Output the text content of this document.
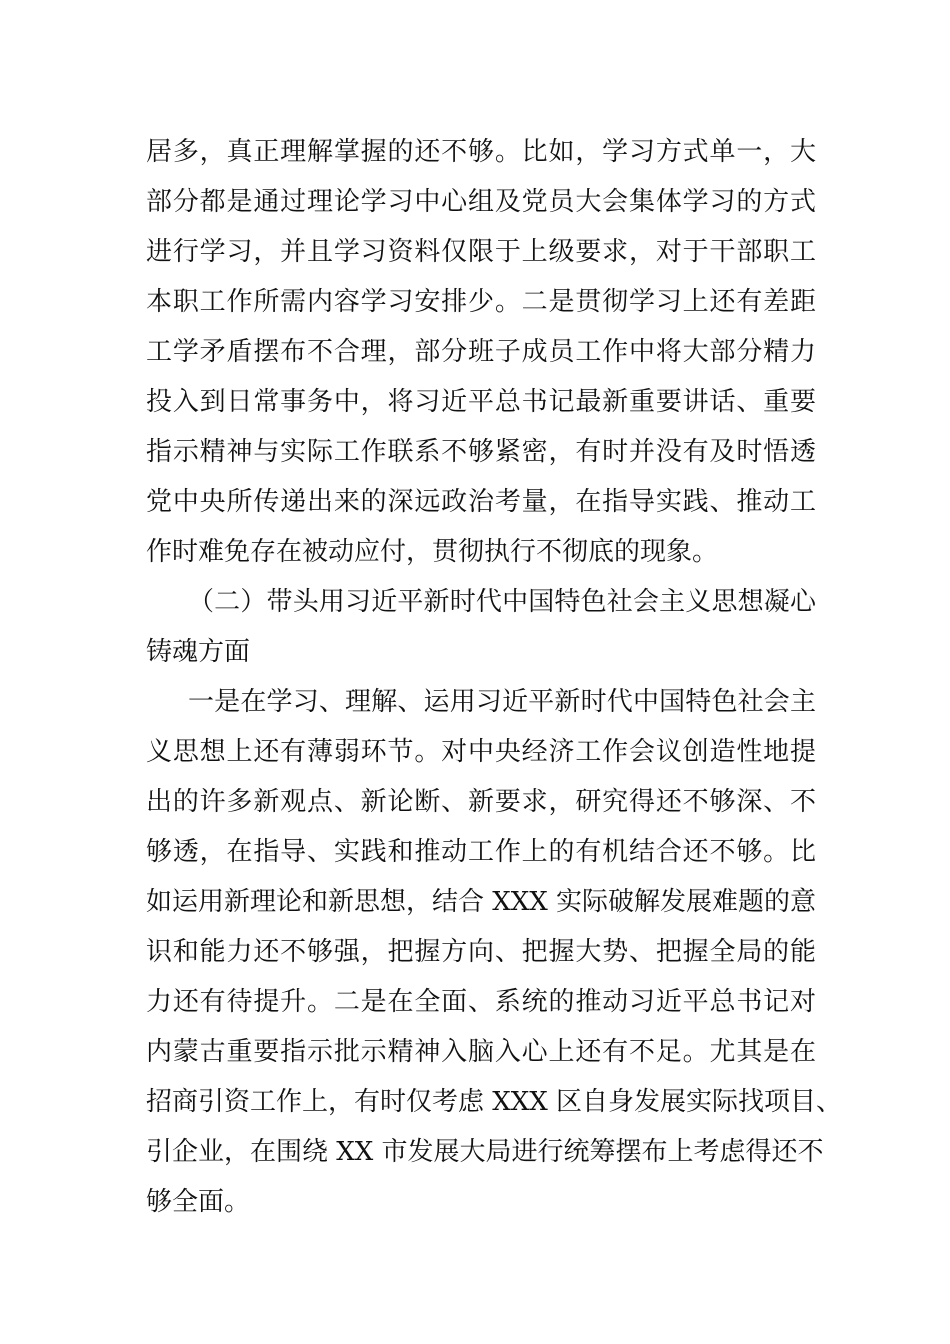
居多，真正理解掌握的还不够。比如，学习方式单一，大
部分都是通过理论学习中心组及党员大会集体学习的方式
进行学习，并且学习资料仅限于上级要求，对于干部职工
本职工作所需内容学习安排少。二是贯彻学习上还有差距
工学矛盾摆布不合理，部分班子成员工作中将大部分精力
投入到日常事务中，将习近平总书记最新重要讲话、重要
指示精神与实际工作联系不够紧密，有时并没有及时悟透
党中央所传递出来的深远政治考量，在指导实践、推动工
作时难免存在被动应付，贯彻执行不彻底的现象。
（二）带头用习近平新时代中国特色社会主义思想凝心
铸魂方面
一是在学习、理解、运用习近平新时代中国特色社会主
义思想上还有薄弱环节。对中央经济工作会议创造性地提
出的许多新观点、新论断、新要求，研究得还不够深、不
够透，在指导、实践和推动工作上的有机结合还不够。比
如运用新理论和新思想，结合 XXX 实际破解发展难题的意
识和能力还不够强，把握方向、把握大势、把握全局的能
力还有待提升。二是在全面、系统的推动习近平总书记对
内蒙古重要指示批示精神入脑入心上还有不足。尤其是在
招商引资工作上，有时仅考虑 XXX 区自身发展实际找项目、
引企业，在围绕 XX 市发展大局进行统筹摆布上考虑得还不
够全面。
